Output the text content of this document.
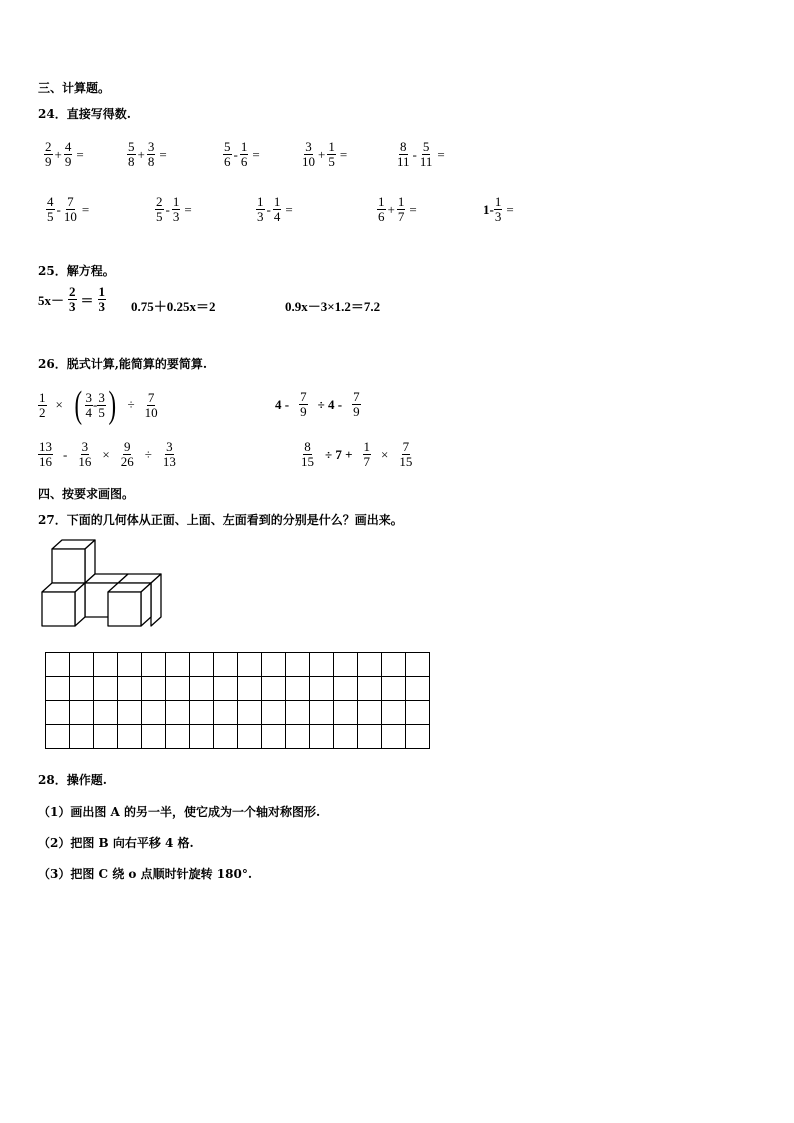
三、计算题。
24．直接写得数.
$\frac{2}{9} + \frac{4}{9}$ =	$\frac{5}{8} + \frac{3}{8}$ =	$\frac{5}{6} - \frac{1}{6}$ =	$\frac{3}{10} + \frac{1}{5}$ =	$\frac{8}{11} - \frac{5}{11}$ =
$\frac{4}{5} - \frac{7}{10}$ =	$\frac{2}{5} - \frac{1}{3}$ =	$\frac{1}{3} - \frac{1}{4}$ =	$\frac{1}{6} + \frac{1}{7}$ =	$1- \frac{1}{3}$ =
25．解方程。
$5x- \frac{2}{3} = \frac{1}{3} 0.75+0.25x=2$	0.9x－3×1.2＝7.2
26．脱式计算,能简算的要简算.
$\frac{1}{2}$ × ( $\frac{3}{4} - \frac{3}{5}$ ) ÷ $\frac{7}{10}$	$4 - \frac{7}{9} \div 4 - \frac{7}{9}$
$\frac{13}{16} - \frac{3}{16} \times \frac{9}{26} \div \frac{3}{13}$	$\frac{8}{15} \div 7 + \frac{1}{7} \times \frac{7}{15}$
四、按要求画图。
27．下面的几何体从正面、上面、左面看到的分别是什么？画出来。

28．操作题.
（1）画出图 A 的另一半，使它成为一个轴对称图形.
（2）把图 B 向右平移 4 格.
（3）把图 C 绕 o 点顺时针旋转 180°.
